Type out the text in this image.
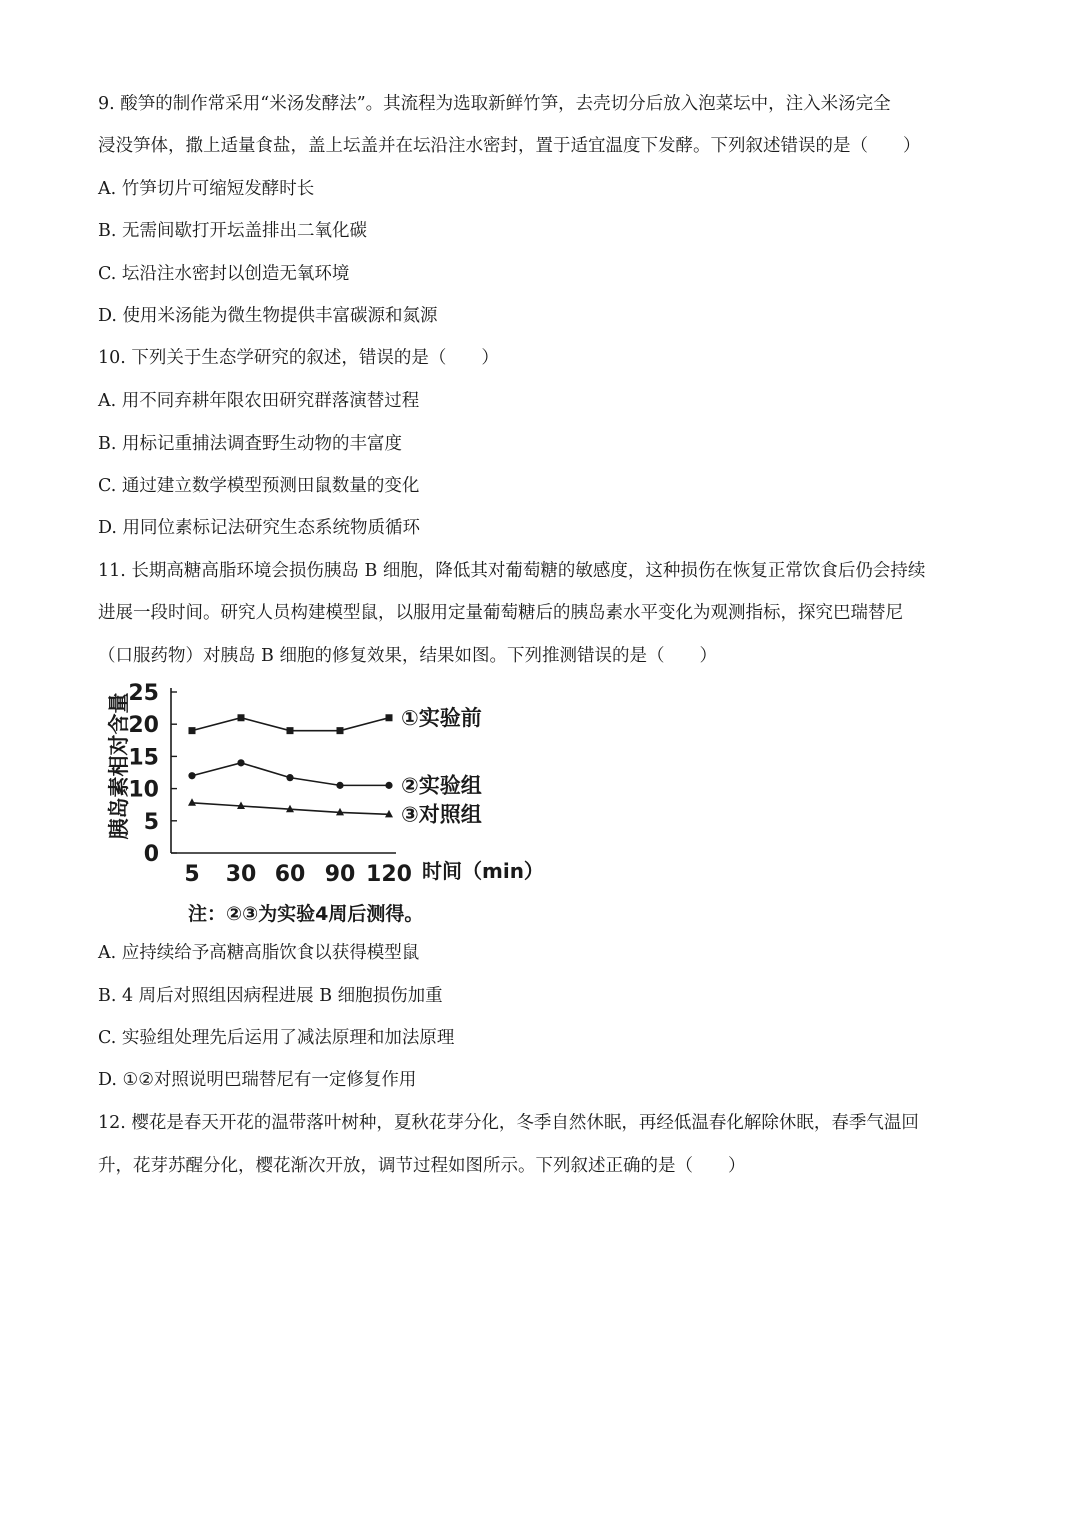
9. 酸笋的制作常采用“米汤发酵法”。其流程为选取新鲜竹笋，去壳切分后放入泡菜坛中，注入米汤完全
浸没笋体，撒上适量食盐，盖上坛盖并在坛沿注水密封，置于适宜温度下发酵。下列叙述错误的是（　　）
A. 竹笋切片可缩短发酵时长
B. 无需间歇打开坛盖排出二氧化碳
C. 坛沿注水密封以创造无氧环境
D. 使用米汤能为微生物提供丰富碳源和氮源
10. 下列关于生态学研究的叙述，错误的是（　　）
A. 用不同弃耕年限农田研究群落演替过程
B. 用标记重捕法调査野生动物的丰富度
C. 通过建立数学模型预测田鼠数量的变化
D. 用同位素标记法研究生态系统物质循环
11. 长期高糖高脂环境会损伤胰岛 B 细胞，降低其对葡萄糖的敏感度，这种损伤在恢复正常饮食后仍会持续
进展一段时间。研究人员构建模型鼠，以服用定量葡萄糖后的胰岛素水平变化为观测指标，探究巴瑞替尼
（口服药物）对胰岛 B 细胞的修复效果，结果如图。下列推测错误的是（　　）
胰岛素相对含量
时间（min）
注：②③为实验4周后测得。
0
5
10
15
20
25
5 30 60 90 120
①实验前
②实验组
③对照组
A. 应持续给予高糖高脂饮食以获得模型鼠
B. 4 周后对照组因病程进展 B 细胞损伤加重
C. 实验组处理先后运用了减法原理和加法原理
D. ①②对照说明巴瑞替尼有一定修复作用
12. 樱花是春天开花的温带落叶树种，夏秋花芽分化，冬季自然休眠，再经低温春化解除休眠，春季气温回
升，花芽苏醒分化，樱花渐次开放，调节过程如图所示。下列叙述正确的是（　　）
